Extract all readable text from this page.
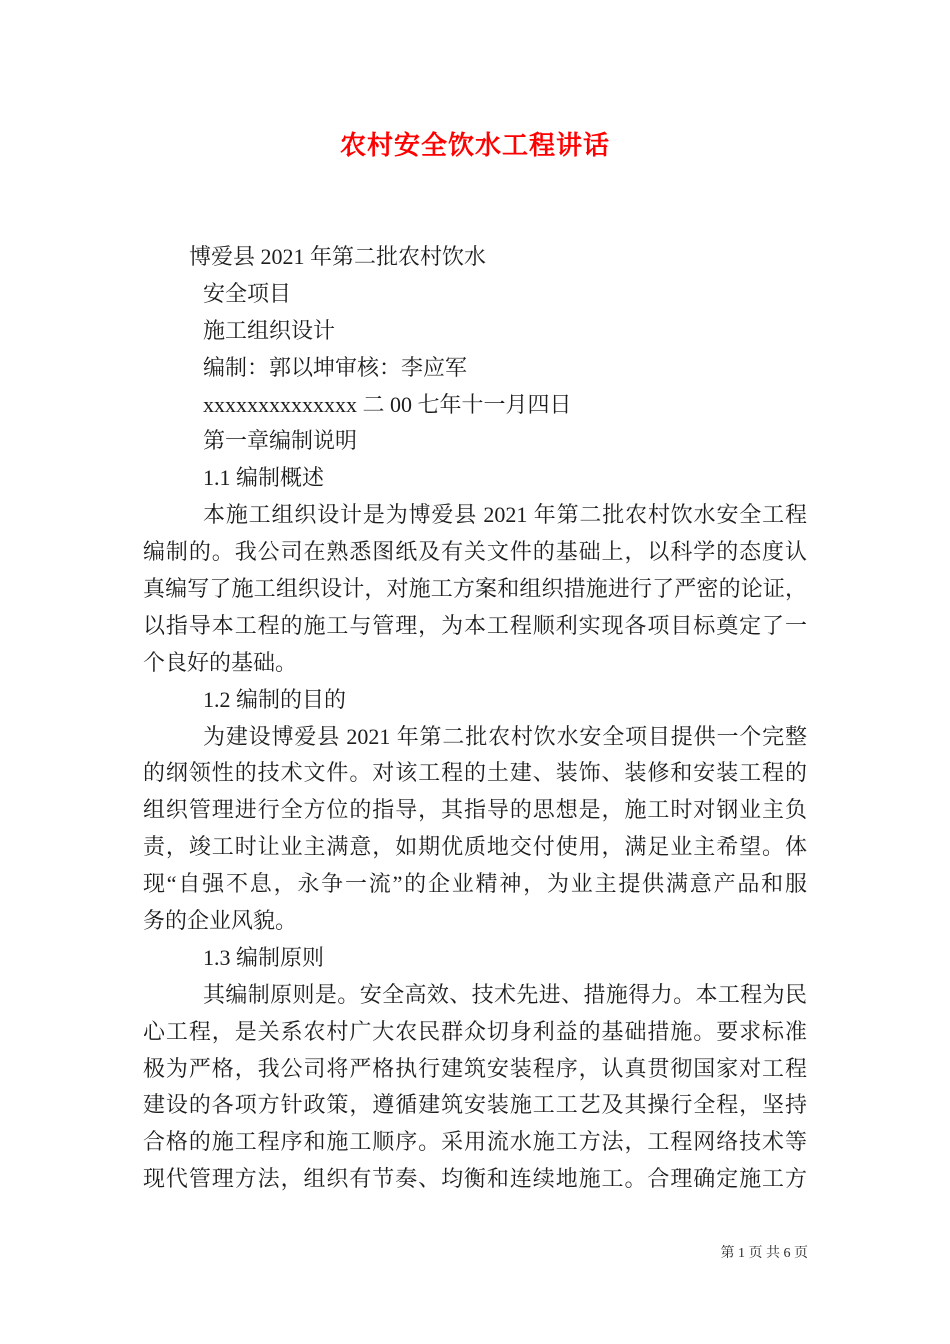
农村安全饮水工程讲话
博爱县 2021 年第二批农村饮水
安全项目
施工组织设计
编制：郭以坤审核：李应军
xxxxxxxxxxxxxx 二 00 七年十一月四日
第一章编制说明
1.1 编制概述
本施工组织设计是为博爱县 2021 年第二批农村饮水安全工程
编制的。我公司在熟悉图纸及有关文件的基础上，以科学的态度认
真编写了施工组织设计，对施工方案和组织措施进行了严密的论证，
以指导本工程的施工与管理，为本工程顺利实现各项目标奠定了一
个良好的基础。
1.2 编制的目的
为建设博爱县 2021 年第二批农村饮水安全项目提供一个完整
的纲领性的技术文件。对该工程的土建、装饰、装修和安装工程的
组织管理进行全方位的指导，其指导的思想是，施工时对钢业主负
责，竣工时让业主满意，如期优质地交付使用，满足业主希望。体
现“自强不息，永争一流”的企业精神，为业主提供满意产品和服
务的企业风貌。
1.3 编制原则
其编制原则是。安全高效、技术先进、措施得力。本工程为民
心工程，是关系农村广大农民群众切身利益的基础措施。要求标准
极为严格，我公司将严格执行建筑安装程序，认真贯彻国家对工程
建设的各项方针政策，遵循建筑安装施工工艺及其操行全程，坚持
合格的施工程序和施工顺序。采用流水施工方法，工程网络技术等
现代管理方法，组织有节奏、均衡和连续地施工。合理确定施工方
第 1 页 共 6 页
